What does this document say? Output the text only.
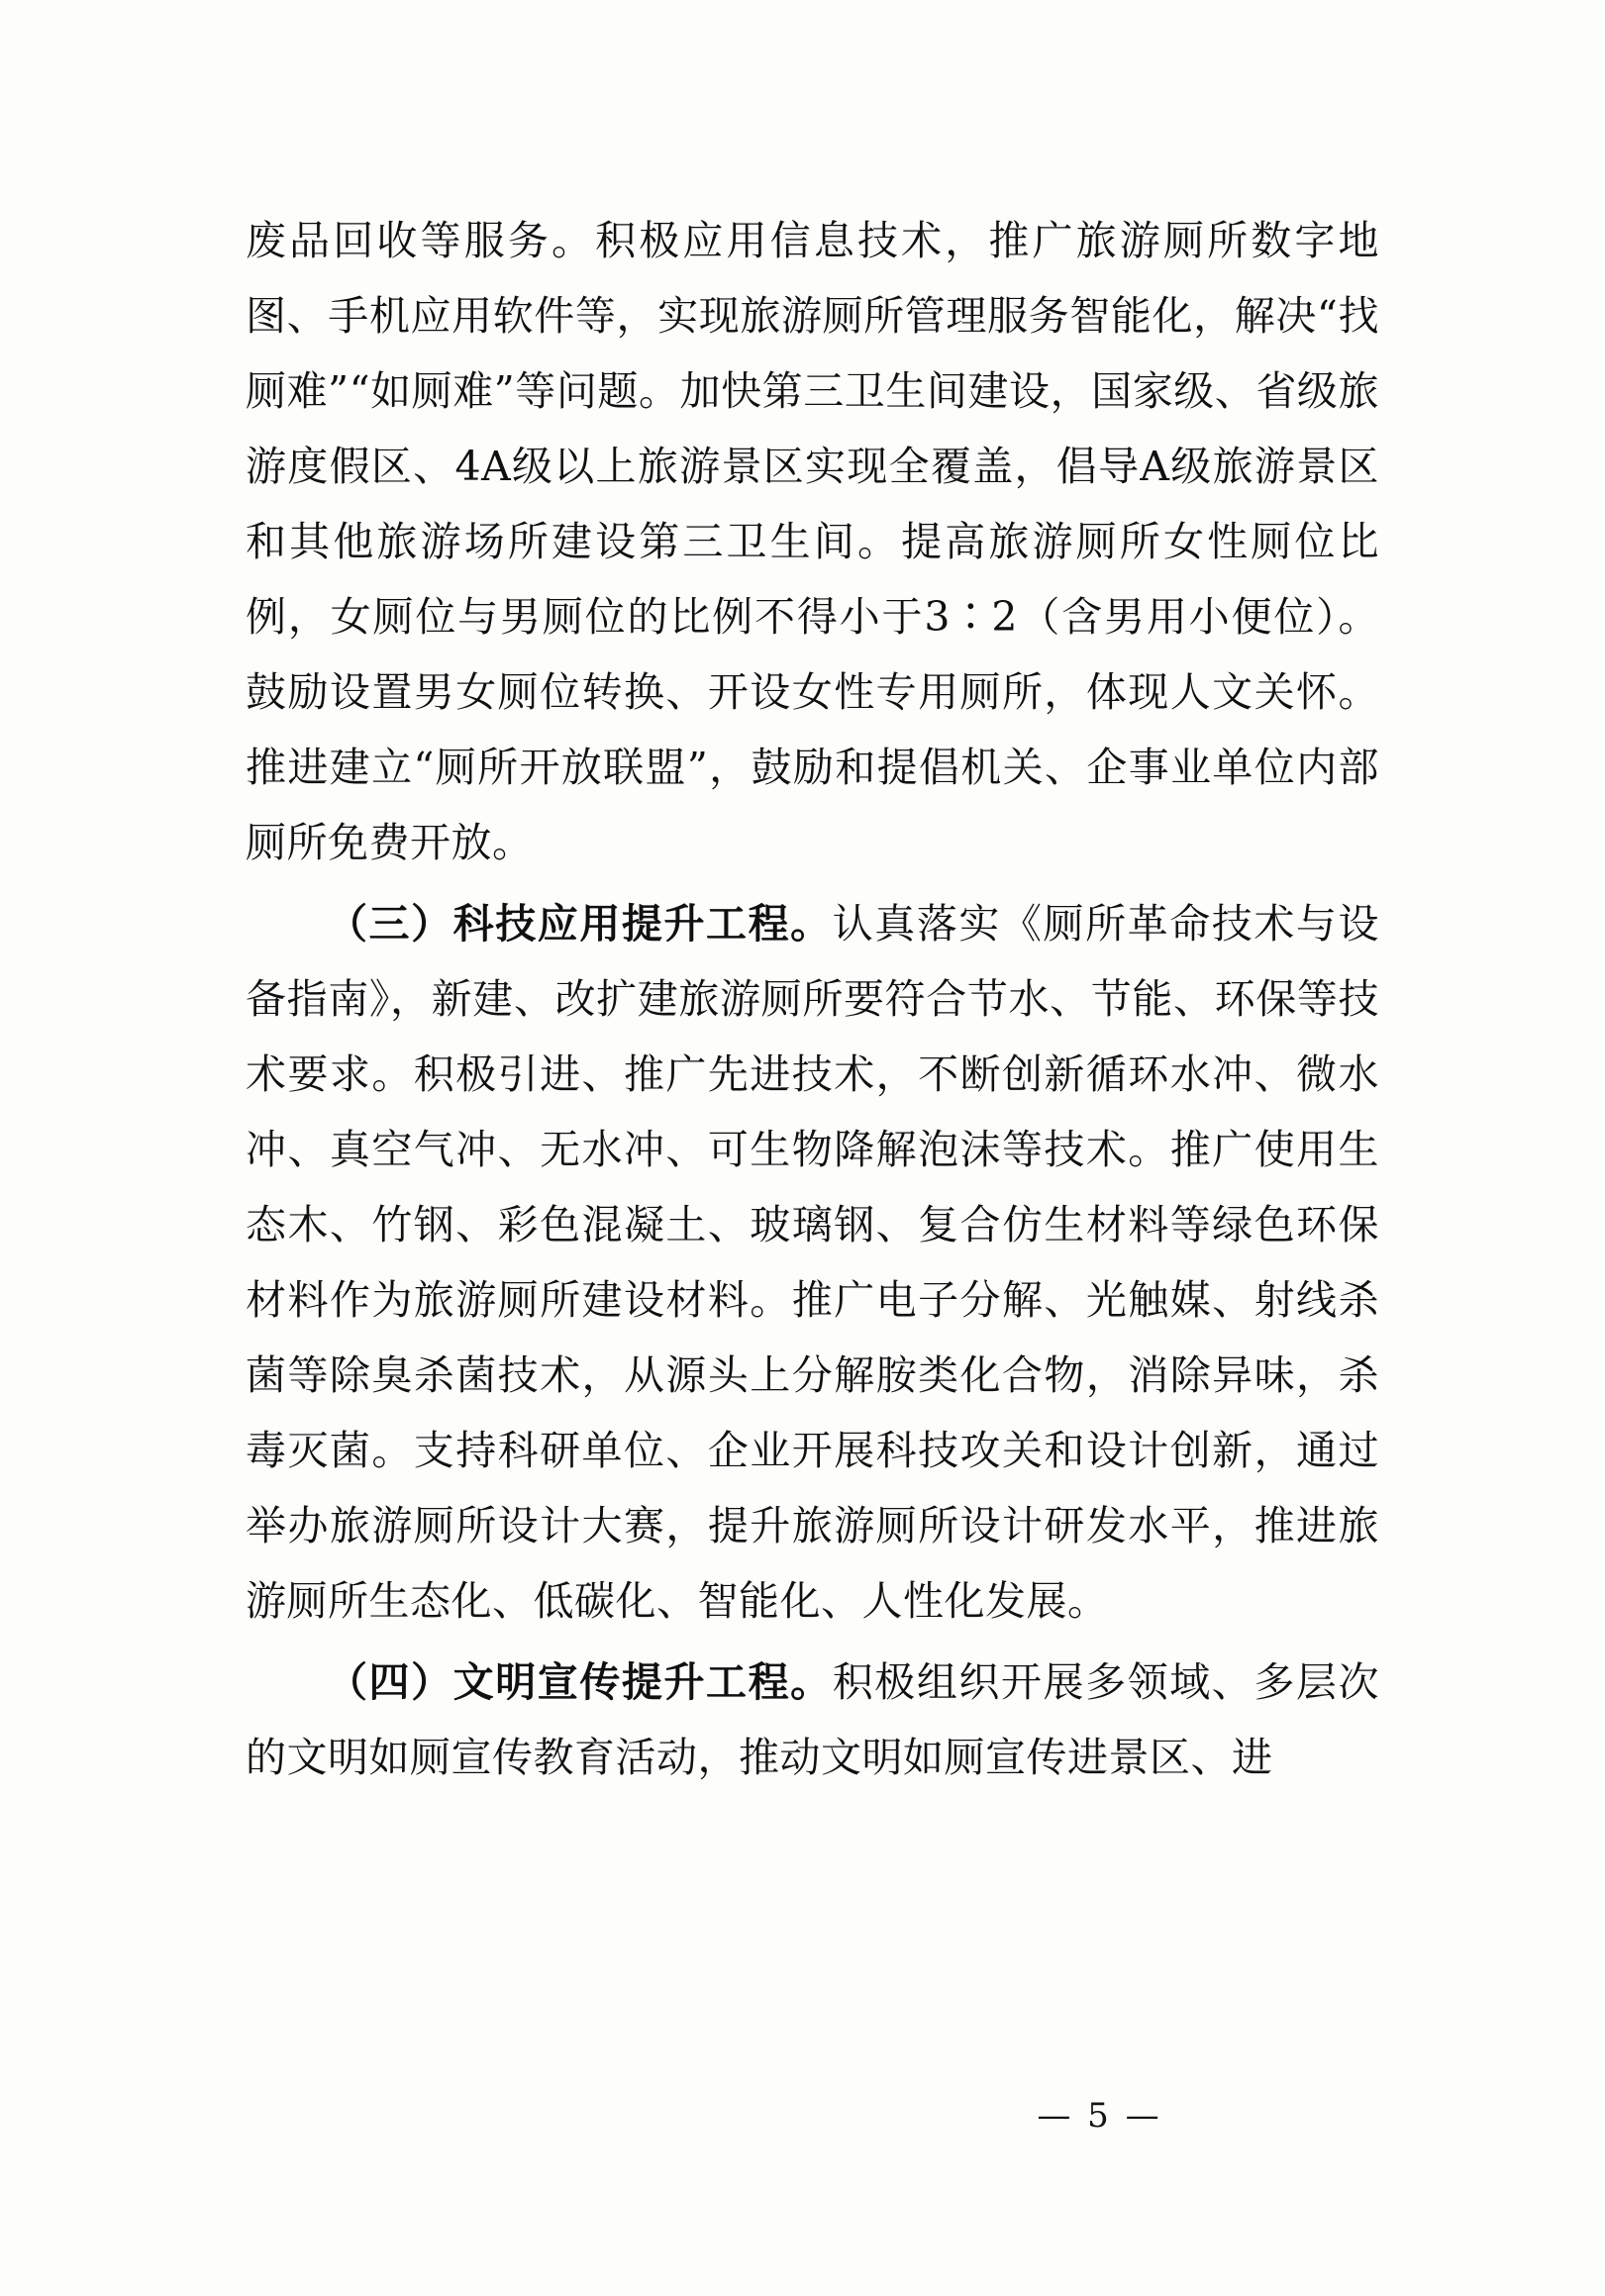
废品回收等服务。积极应用信息技术，推广旅游厕所数字地图、手机应用软件等，实现旅游厕所管理服务智能化，解决“找厕难”“如厕难”等问题。加快第三卫生间建设，国家级、省级旅游度假区、4A级以上旅游景区实现全覆盖，倡导A级旅游景区和其他旅游场所建设第三卫生间。提高旅游厕所女性厕位比例，女厕位与男厕位的比例不得小于3∶2（含男用小便位）。鼓励设置男女厕位转换、开设女性专用厕所，体现人文关怀。推进建立“厕所开放联盟”，鼓励和提倡机关、企事业单位内部厕所免费开放。

（三）科技应用提升工程。认真落实《厕所革命技术与设备指南》，新建、改扩建旅游厕所要符合节水、节能、环保等技术要求。积极引进、推广先进技术，不断创新循环水冲、微水冲、真空气冲、无水冲、可生物降解泡沫等技术。推广使用生态木、竹钢、彩色混凝土、玻璃钢、复合仿生材料等绿色环保材料作为旅游厕所建设材料。推广电子分解、光触媒、射线杀菌等除臭杀菌技术，从源头上分解胺类化合物，消除异味，杀毒灭菌。支持科研单位、企业开展科技攻关和设计创新，通过举办旅游厕所设计大赛，提升旅游厕所设计研发水平，推进旅游厕所生态化、低碳化、智能化、人性化发展。

（四）文明宣传提升工程。积极组织开展多领域、多层次的文明如厕宣传教育活动，推动文明如厕宣传进景区、进

— 5 —
